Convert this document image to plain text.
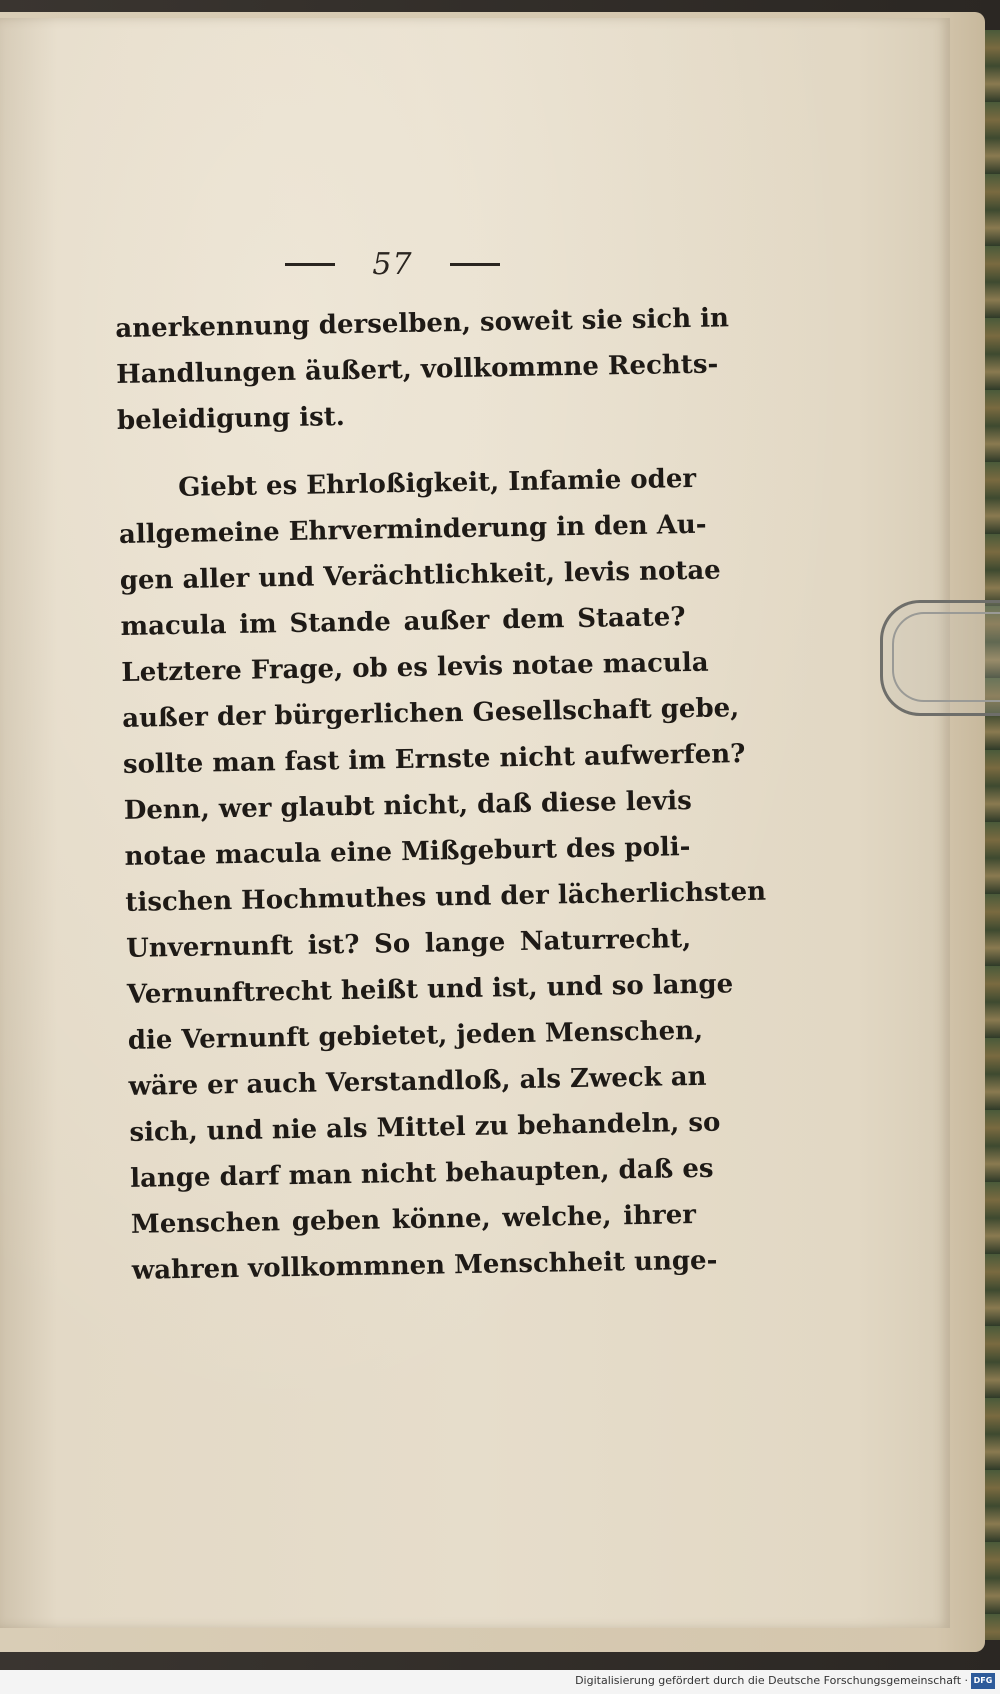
57
anerkennung derselben, soweit sie sich in
Handlungen äußert, vollkommne Rechts-
beleidigung ist.
Giebt es Ehrloßigkeit, Infamie oder
allgemeine Ehrverminderung in den Au-
gen aller und Verächtlichkeit, levis notae
macula im Stande außer dem Staate?
Letztere Frage, ob es levis notae macula
außer der bürgerlichen Gesellschaft gebe,
sollte man fast im Ernste nicht aufwerfen?
Denn, wer glaubt nicht, daß diese levis
notae macula eine Mißgeburt des poli-
tischen Hochmuthes und der lächerlichsten
Unvernunft ist? So lange Naturrecht,
Vernunftrecht heißt und ist, und so lange
die Vernunft gebietet, jeden Menschen,
wäre er auch Verstandloß, als Zweck an
sich, und nie als Mittel zu behandeln, so
lange darf man nicht behaupten, daß es
Menschen geben könne, welche, ihrer
wahren vollkommnen Menschheit unge-
Digitalisierung gefördert durch die Deutsche Forschungsgemeinschaft · DFG
